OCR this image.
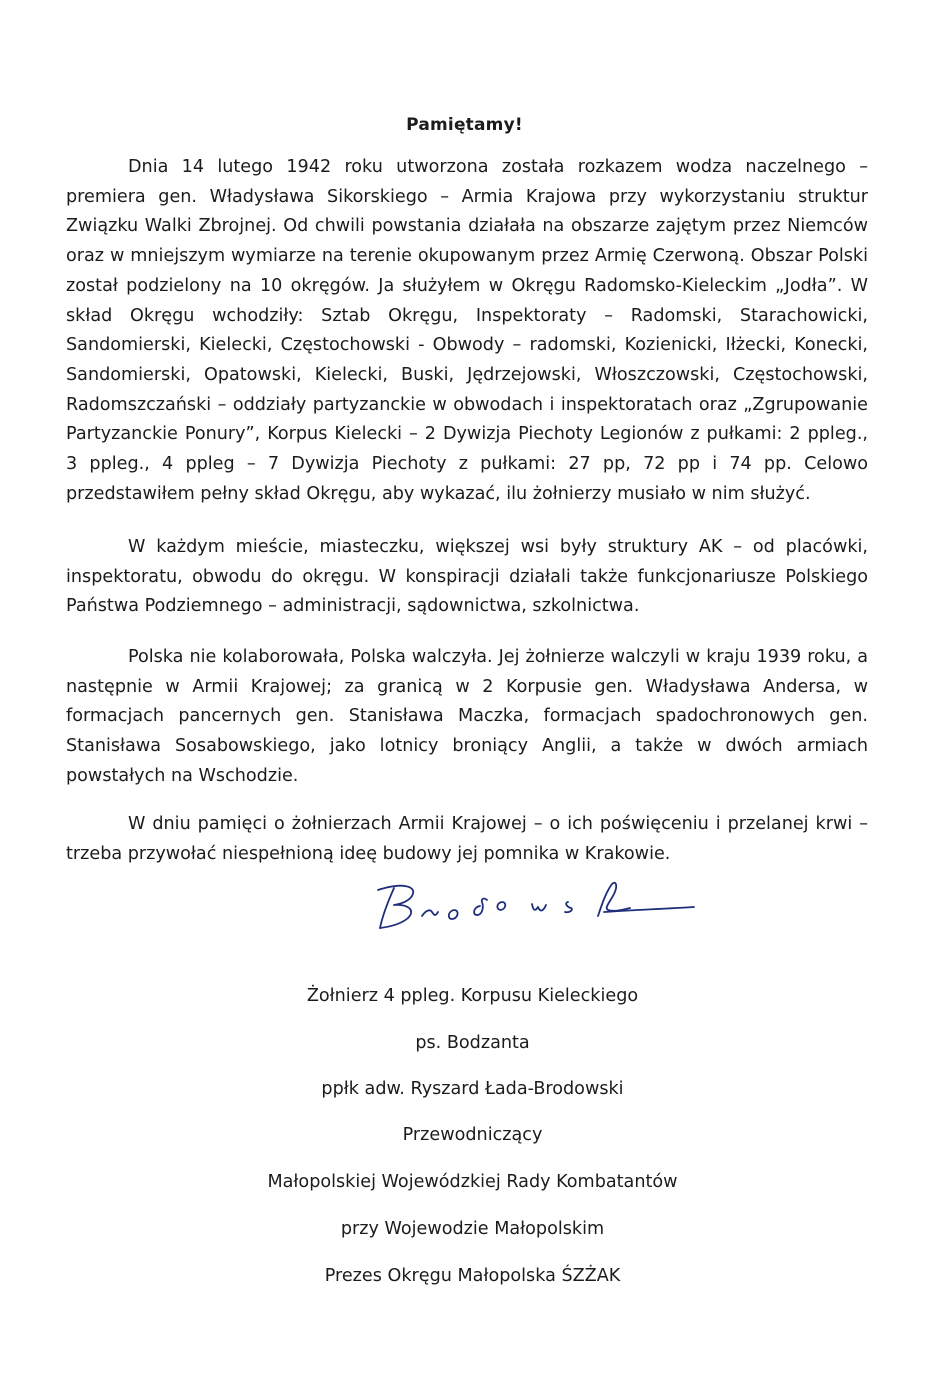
Pamiętamy!

Dnia 14 lutego 1942 roku utworzona została rozkazem wodza naczelnego – premiera gen. Władysława Sikorskiego – Armia Krajowa przy wykorzystaniu struktur Związku Walki Zbrojnej. Od chwili powstania działała na obszarze zajętym przez Niemców oraz w mniejszym wymiarze na terenie okupowanym przez Armię Czerwoną. Obszar Polski został podzielony na 10 okręgów. Ja służyłem w Okręgu Radomsko-Kieleckim „Jodła”. W skład Okręgu wchodziły: Sztab Okręgu, Inspektoraty – Radomski, Starachowicki, Sandomierski, Kielecki, Częstochowski - Obwody – radomski, Kozienicki, Iłżecki, Konecki, Sandomierski, Opatowski, Kielecki, Buski, Jędrzejowski, Włoszczowski, Częstochowski, Radomszczański – oddziały partyzanckie w obwodach i inspektoratach oraz „Zgrupowanie Partyzanckie Ponury”, Korpus Kielecki – 2 Dywizja Piechoty Legionów z pułkami: 2 ppleg., 3 ppleg., 4 ppleg – 7 Dywizja Piechoty z pułkami: 27 pp, 72 pp i 74 pp. Celowo przedstawiłem pełny skład Okręgu, aby wykazać, ilu żołnierzy musiało w nim służyć.

W każdym mieście, miasteczku, większej wsi były struktury AK – od placówki, inspektoratu, obwodu do okręgu. W konspiracji działali także funkcjonariusze Polskiego Państwa Podziemnego – administracji, sądownictwa, szkolnictwa.

Polska nie kolaborowała, Polska walczyła. Jej żołnierze walczyli w kraju 1939 roku, a następnie w Armii Krajowej; za granicą w 2 Korpusie gen. Władysława Andersa, w formacjach pancernych gen. Stanisława Maczka, formacjach spadochronowych gen. Stanisława Sosabowskiego, jako lotnicy broniący Anglii, a także w dwóch armiach powstałych na Wschodzie.

W dniu pamięci o żołnierzach Armii Krajowej – o ich poświęceniu i przelanej krwi – trzeba przywołać niespełnioną ideę budowy jej pomnika w Krakowie.

Żołnierz 4 ppleg. Korpusu Kieleckiego
ps. Bodzanta
ppłk adw. Ryszard Łada-Brodowski
Przewodniczący
Małopolskiej Wojewódzkiej Rady Kombatantów
przy Wojewodzie Małopolskim
Prezes Okręgu Małopolska ŚZŻAK
